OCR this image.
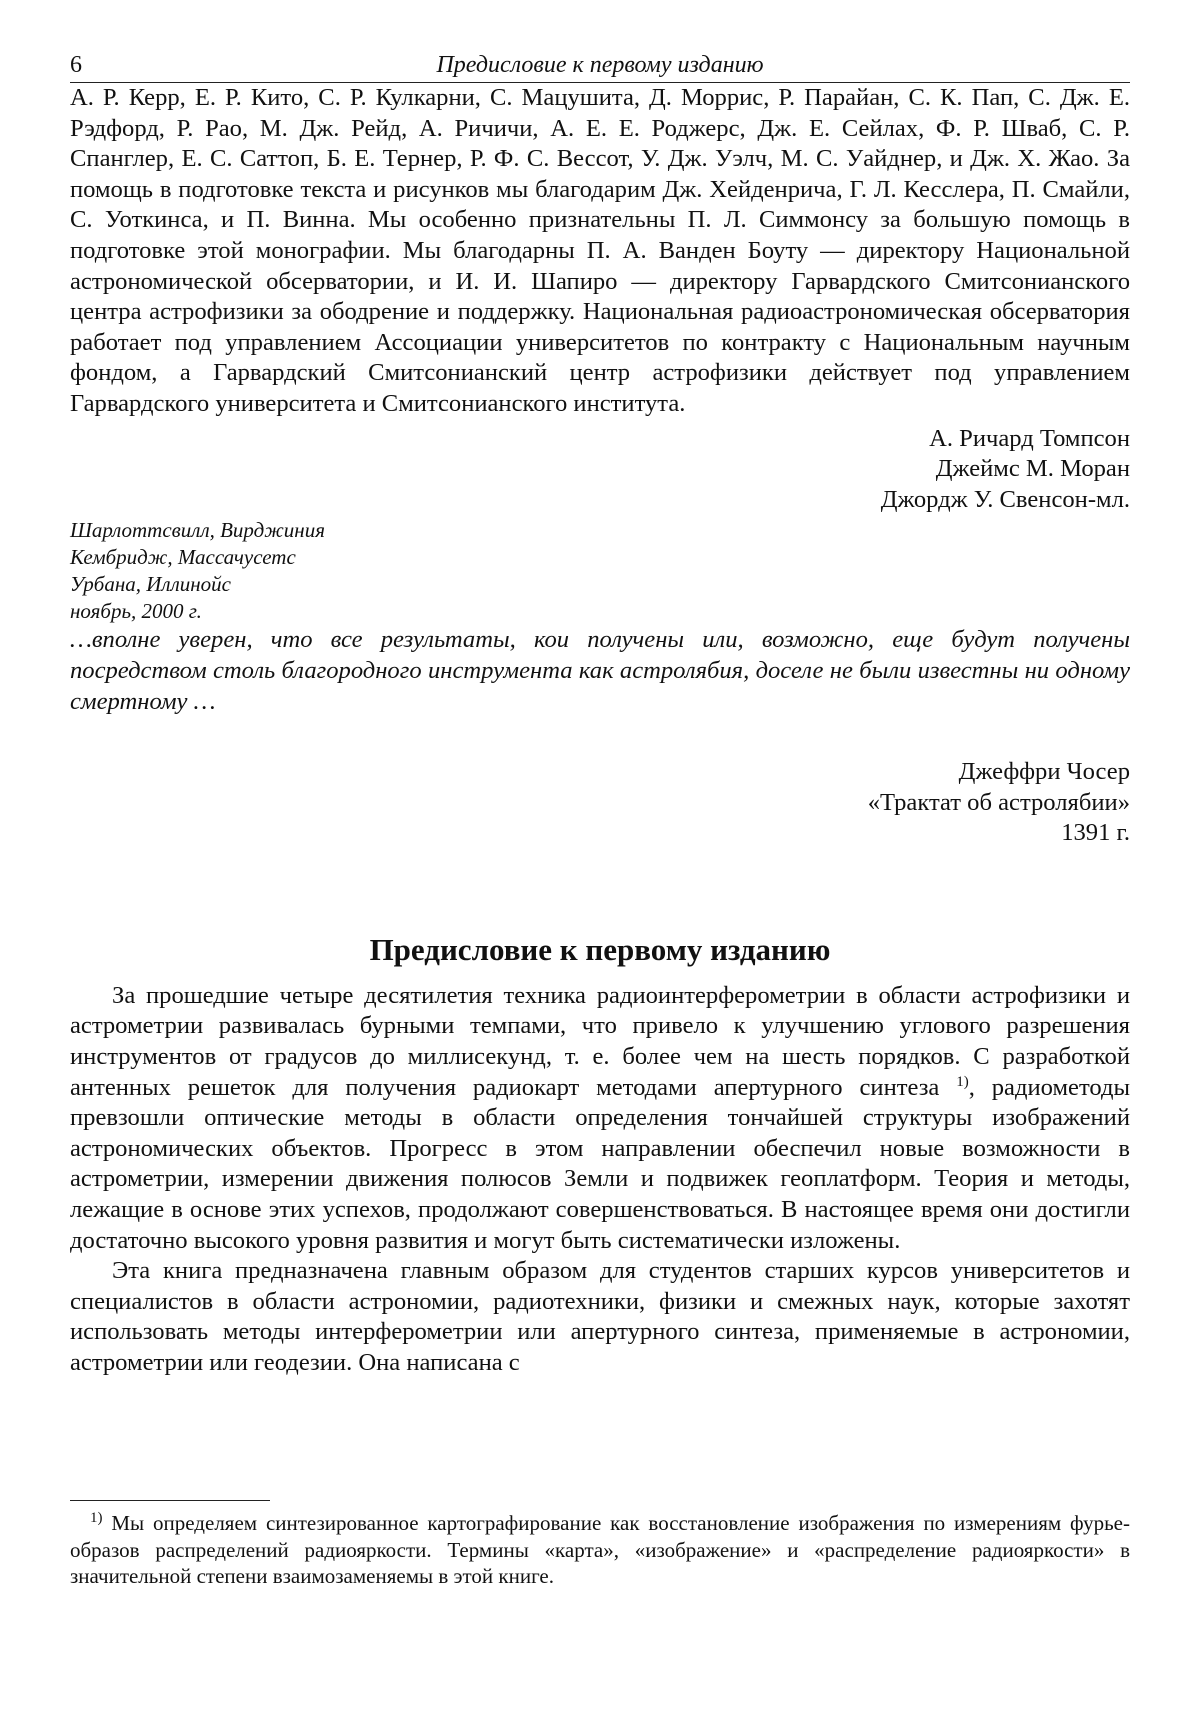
6	Предисловие к первому изданию

А. Р. Керр, Е. Р. Кито, С. Р. Кулкарни, С. Мацушита, Д. Моррис, Р. Парайан, С. К. Пап, С. Дж. Е. Рэдфорд, Р. Рао, М. Дж. Рейд, А. Ричичи, А. Е. Е. Роджерс, Дж. Е. Сейлах, Ф. Р. Шваб, С. Р. Спанглер, Е. С. Саттоп, Б. Е. Тернер, Р. Ф. С. Вессот, У. Дж. Уэлч, М. С. Уайднер, и Дж. Х. Жао. За помощь в подготовке текста и рисунков мы благодарим Дж. Хейденрича, Г. Л. Кесслера, П. Смайли, С. Уоткинса, и П. Винна. Мы особенно признательны П. Л. Симмонсу за большую помощь в подготовке этой монографии. Мы благодарны П. А. Ванден Боуту — директору Национальной астрономической обсерватории, и И. И. Шапиро — директору Гарвардского Смитсонианского центра астрофизики за ободрение и поддержку. Национальная радиоастрономическая обсерватория работает под управлением Ассоциации университетов по контракту с Национальным научным фондом, а Гарвардский Смитсонианский центр астрофизики действует под управлением Гарвардского университета и Смитсонианского института.

А. Ричард Томпсон
Джеймс М. Моран
Джордж У. Свенсон-мл.
Шарлоттсвилл, Вирджиния
Кембридж, Массачусетс
Урбана, Иллинойс
ноябрь, 2000 г.

…вполне уверен, что все результаты, кои получены или, возможно, еще будут получены посредством столь благородного инструмента как астролябия, доселе не были известны ни одному смертному …

Джеффри Чосер
«Трактат об астролябии»
1391 г.
Предисловие к первому изданию

За прошедшие четыре десятилетия техника радиоинтерферометрии в области астрофизики и астрометрии развивалась бурными темпами, что привело к улучшению углового разрешения инструментов от градусов до миллисекунд, т. е. более чем на шесть порядков. С разработкой антенных решеток для получения радиокарт методами апертурного синтеза $^{1)}$, радиометоды превзошли оптические методы в области определения тончайшей структуры изображений астрономических объектов. Прогресс в этом направлении обеспечил новые возможности в астрометрии, измерении движения полюсов Земли и подвижек геоплатформ. Теория и методы, лежащие в основе этих успехов, продолжают совершенствоваться. В настоящее время они достигли достаточно высокого уровня развития и могут быть систематически изложены.

Эта книга предназначена главным образом для студентов старших курсов университетов и специалистов в области астрономии, радиотехники, физики и смежных наук, которые захотят использовать методы интерферометрии или апертурного синтеза, применяемые в астрономии, астрометрии или геодезии. Она написана с

$^{1)}$ Мы определяем синтезированное картографирование как восстановление изображения по измерениям фурье-образов распределений радиояркости. Термины «карта», «изображение» и «распределение радиояркости» в значительной степени взаимозаменяемы в этой книге.
